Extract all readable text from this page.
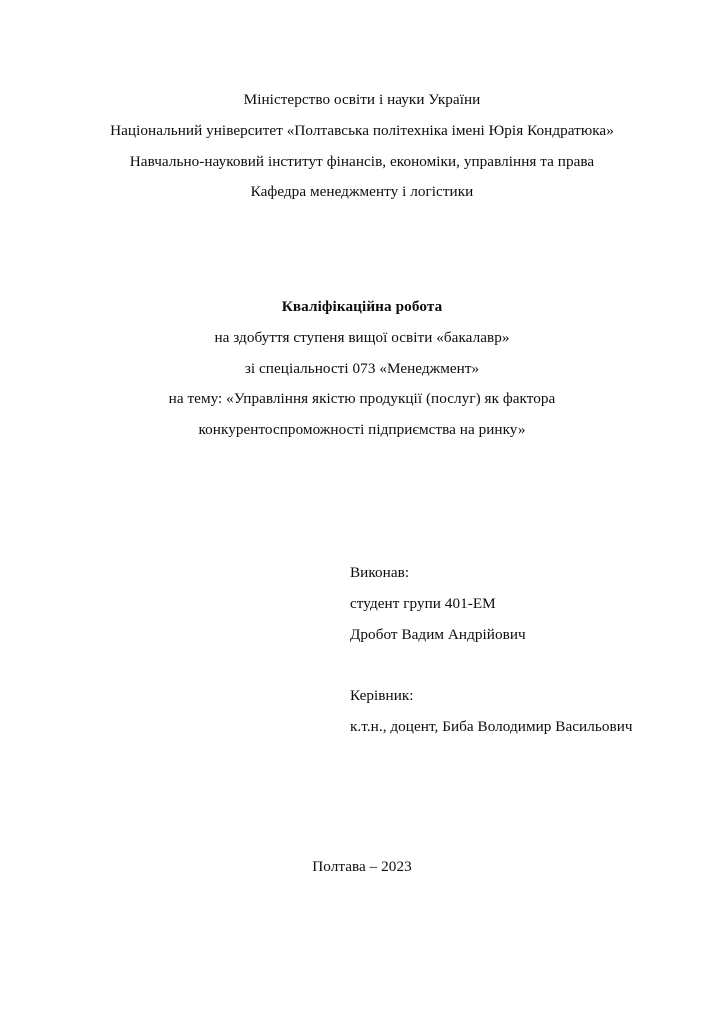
Міністерство освіти і науки України
Національний університет «Полтавська політехніка імені Юрія Кондратюка»
Навчально-науковий інститут фінансів, економіки, управління та права
Кафедра менеджменту і логістики
Кваліфікаційна робота
на здобуття ступеня вищої освіти «бакалавр»
зі спеціальності 073 «Менеджмент»
на тему: «Управління якістю продукції (послуг) як фактора
конкурентоспроможності підприємства на ринку»
Виконав:
студент групи 401-ЕМ
Дробот Вадим Андрійович
Керівник:
к.т.н., доцент, Биба Володимир Васильович
Полтава – 2023
